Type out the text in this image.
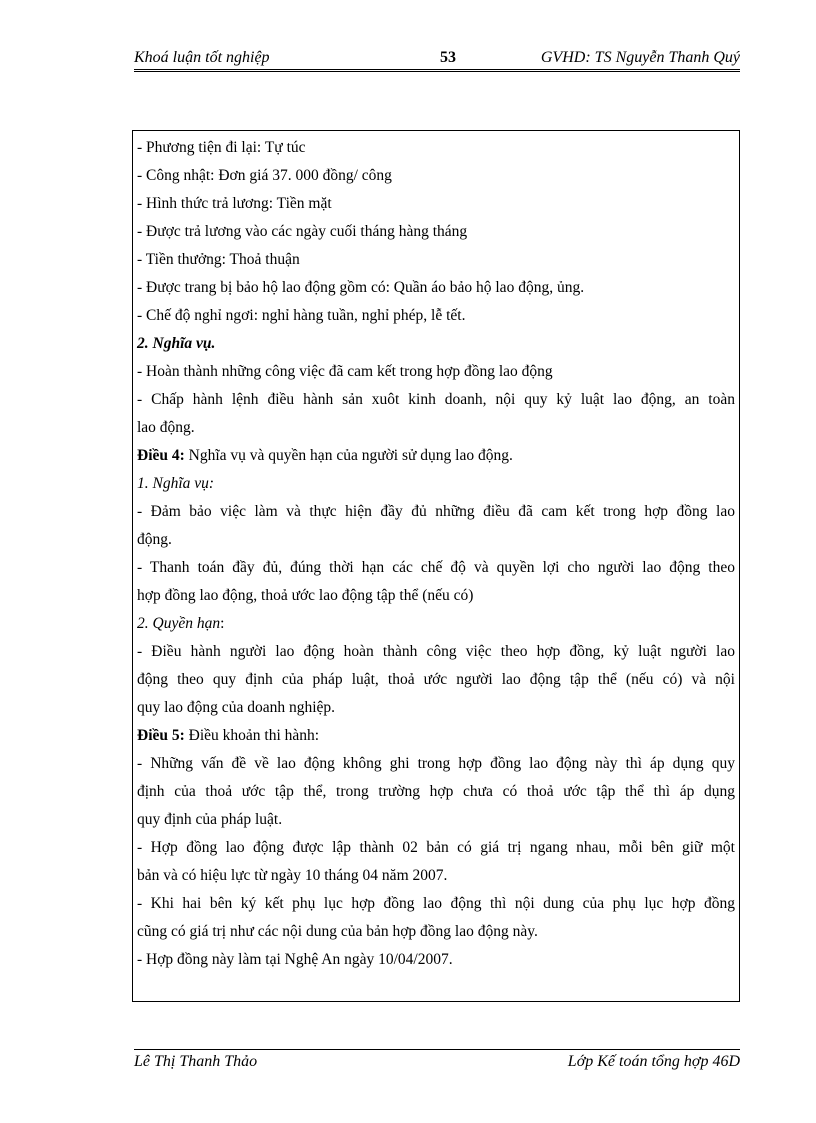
Khoá luận tốt nghiệp	53	GVHD: TS Nguyễn Thanh Quý
- Phương tiện đi lại: Tự túc
- Công nhật: Đơn giá 37. 000 đồng/ công
- Hình thức trả lương: Tiền mặt
- Được trả lương vào các ngày cuối tháng hàng tháng
- Tiền thưởng: Thoả thuận
- Được trang bị bảo hộ lao động gồm có: Quần áo bảo hộ lao động, ủng.
- Chế độ nghỉ ngơi: nghỉ hàng tuần, nghỉ phép, lễ tết.
2. Nghĩa vụ.
- Hoàn thành những công việc đã cam kết trong hợp đồng lao động
- Chấp hành lệnh điều hành sản xuôt kinh doanh, nội quy kỷ luật lao động, an toàn
lao động.
Điều 4: Nghĩa vụ và quyền hạn của người sử dụng lao động.
1. Nghĩa vụ:
- Đảm bảo việc làm và thực hiện đầy đủ những điều đã cam kết trong hợp đồng lao
động.
- Thanh toán đầy đủ, đúng thời hạn các chế độ và quyền lợi cho người lao động theo
hợp đồng lao động, thoả ước lao động tập thể (nếu có)
2. Quyền hạn:
- Điều hành người lao động hoàn thành công việc theo hợp đồng, kỷ luật người lao
động theo quy định của pháp luật, thoả ước người lao động tập thể (nếu có) và nội
quy lao động của doanh nghiệp.
Điều 5: Điều khoản thi hành:
- Những vấn đề về lao động không ghi trong hợp đồng lao động này thì áp dụng quy
định của thoả ước tập thể, trong trường hợp chưa có thoả ước tập thể thì áp dụng
quy định của pháp luật.
- Hợp đồng lao động được lập thành 02 bản có giá trị ngang nhau, mỗi bên giữ một
bản và có hiệu lực từ ngày 10 tháng 04 năm 2007.
- Khi hai bên ký kết phụ lục hợp đồng lao động thì nội dung của phụ lục hợp đồng
cũng có giá trị như các nội dung của bản hợp đồng lao động này.
- Hợp đồng này làm tại Nghệ An ngày 10/04/2007.
Lê Thị Thanh Thảo	Lớp Kế toán tổng hợp 46D
